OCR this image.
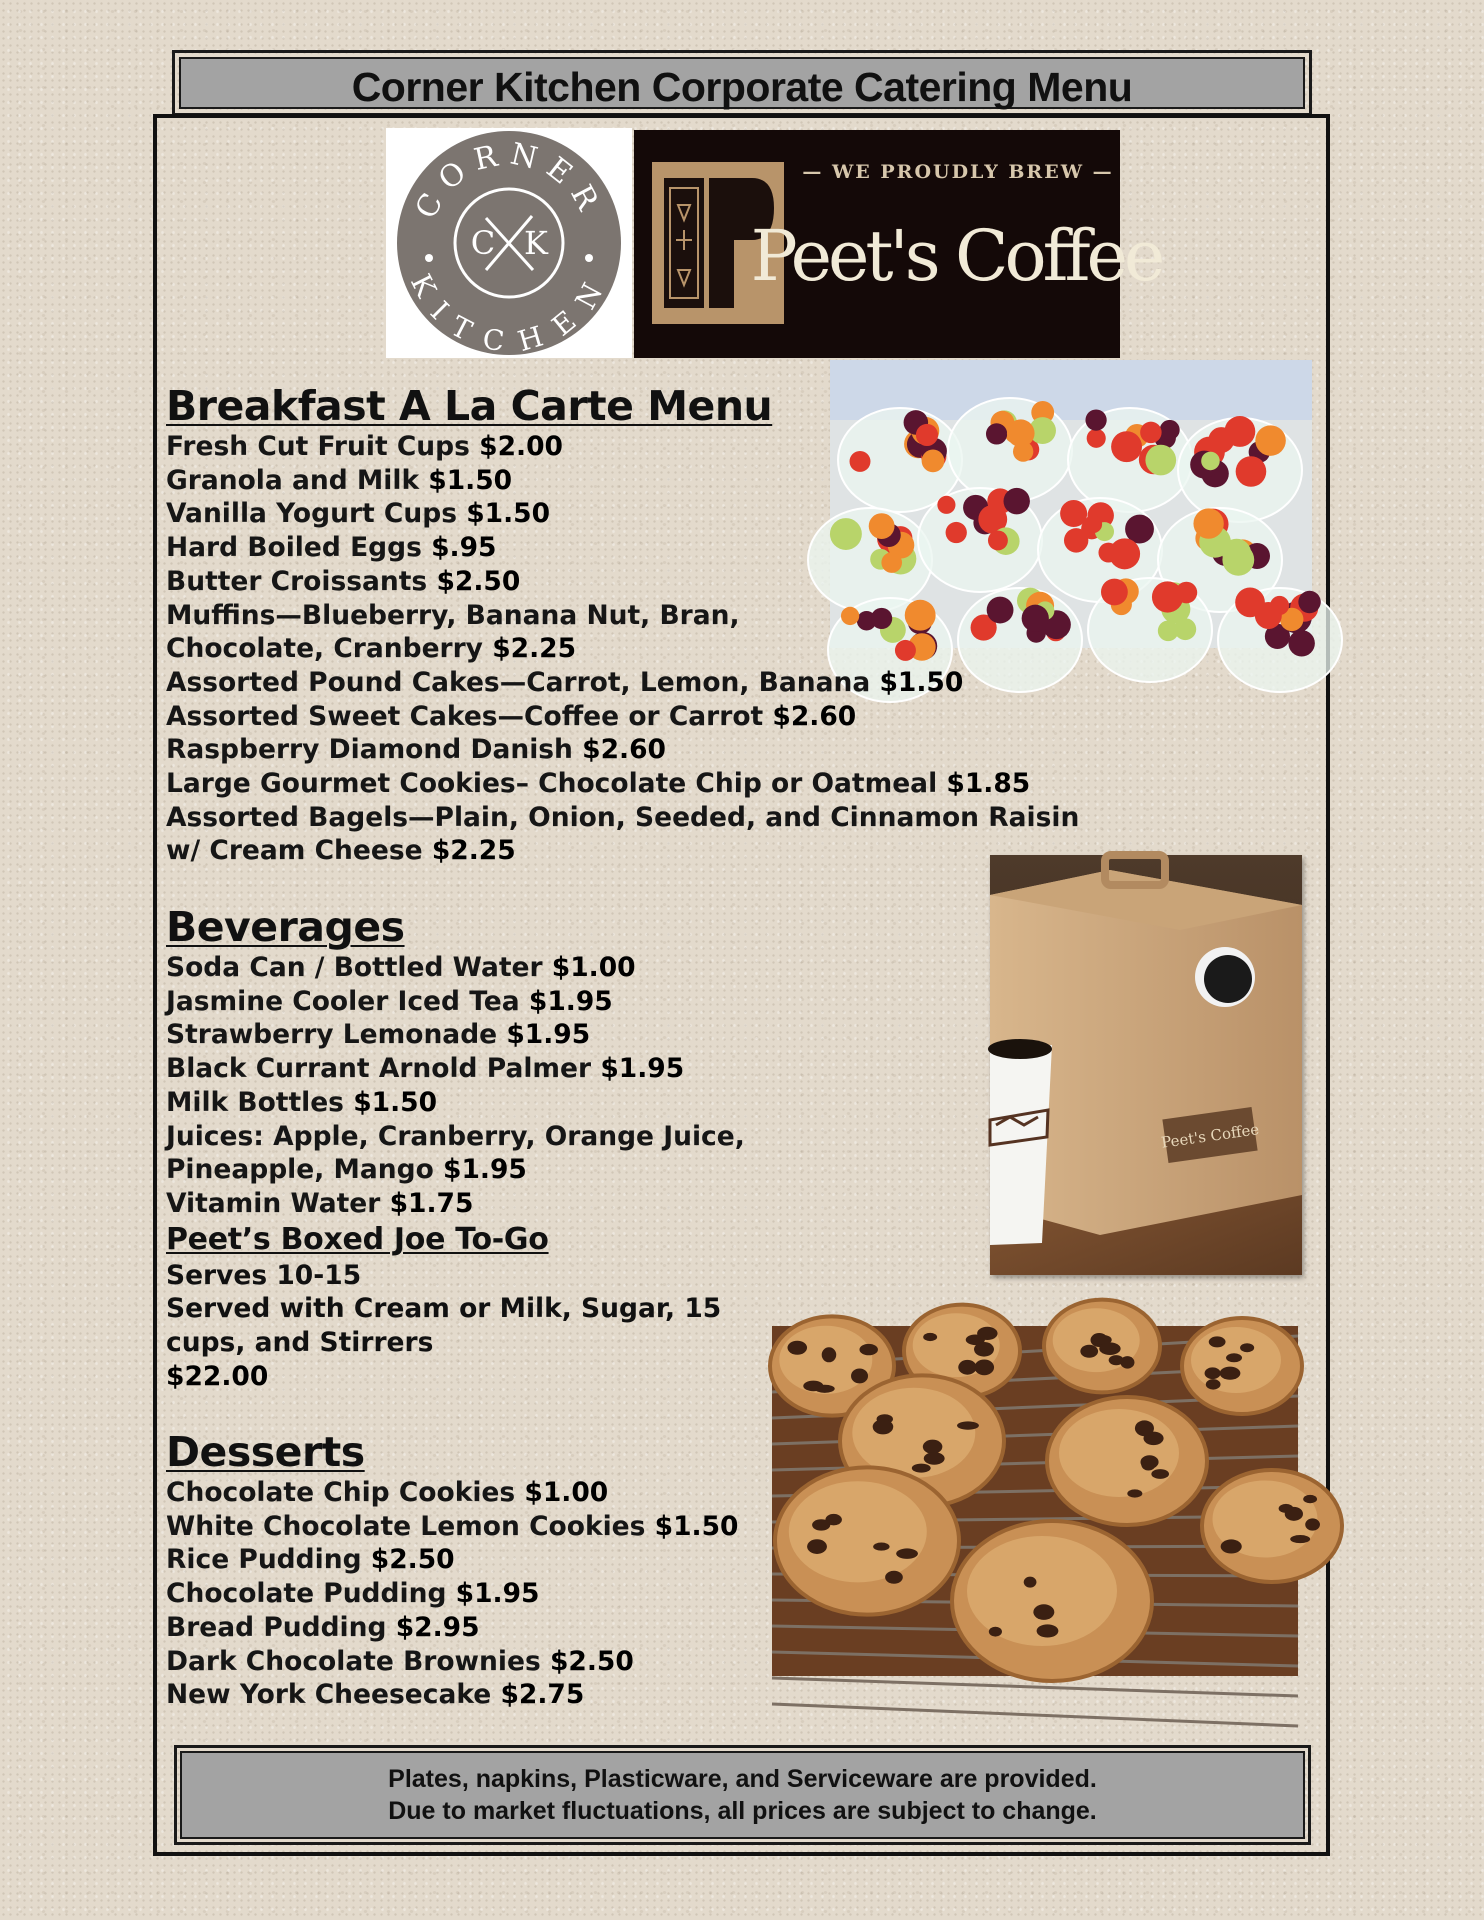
Corner Kitchen Corporate Catering Menu
CORNER
KITCHEN
C K
P
— WE PROUDLY BREW —
Peet's Coffee
Peet's Coffee
Breakfast A La Carte Menu
Fresh Cut Fruit Cups $2.00
Granola and Milk $1.50
Vanilla Yogurt Cups $1.50
Hard Boiled Eggs $.95
Butter Croissants $2.50
Muffins—Blueberry, Banana Nut, Bran,
Chocolate, Cranberry $2.25
Assorted Pound Cakes—Carrot, Lemon, Banana $1.50
Assorted Sweet Cakes—Coffee or Carrot $2.60
Raspberry Diamond Danish $2.60
Large Gourmet Cookies– Chocolate Chip or Oatmeal $1.85
Assorted Bagels—Plain, Onion, Seeded, and Cinnamon Raisin
w/ Cream Cheese $2.25
Beverages
Soda Can / Bottled Water $1.00
Jasmine Cooler Iced Tea $1.95
Strawberry Lemonade $1.95
Black Currant Arnold Palmer $1.95
Milk Bottles $1.50
Juices: Apple, Cranberry, Orange Juice,
Pineapple, Mango $1.95
Vitamin Water $1.75
Peet’s Boxed Joe To-Go
Serves 10-15
Served with Cream or Milk, Sugar, 15
cups, and Stirrers
$22.00
Desserts
Chocolate Chip Cookies $1.00
White Chocolate Lemon Cookies $1.50
Rice Pudding $2.50
Chocolate Pudding $1.95
Bread Pudding $2.95
Dark Chocolate Brownies $2.50
New York Cheesecake $2.75
Plates, napkins, Plasticware, and Serviceware are provided.
Due to market fluctuations, all prices are subject to change.
